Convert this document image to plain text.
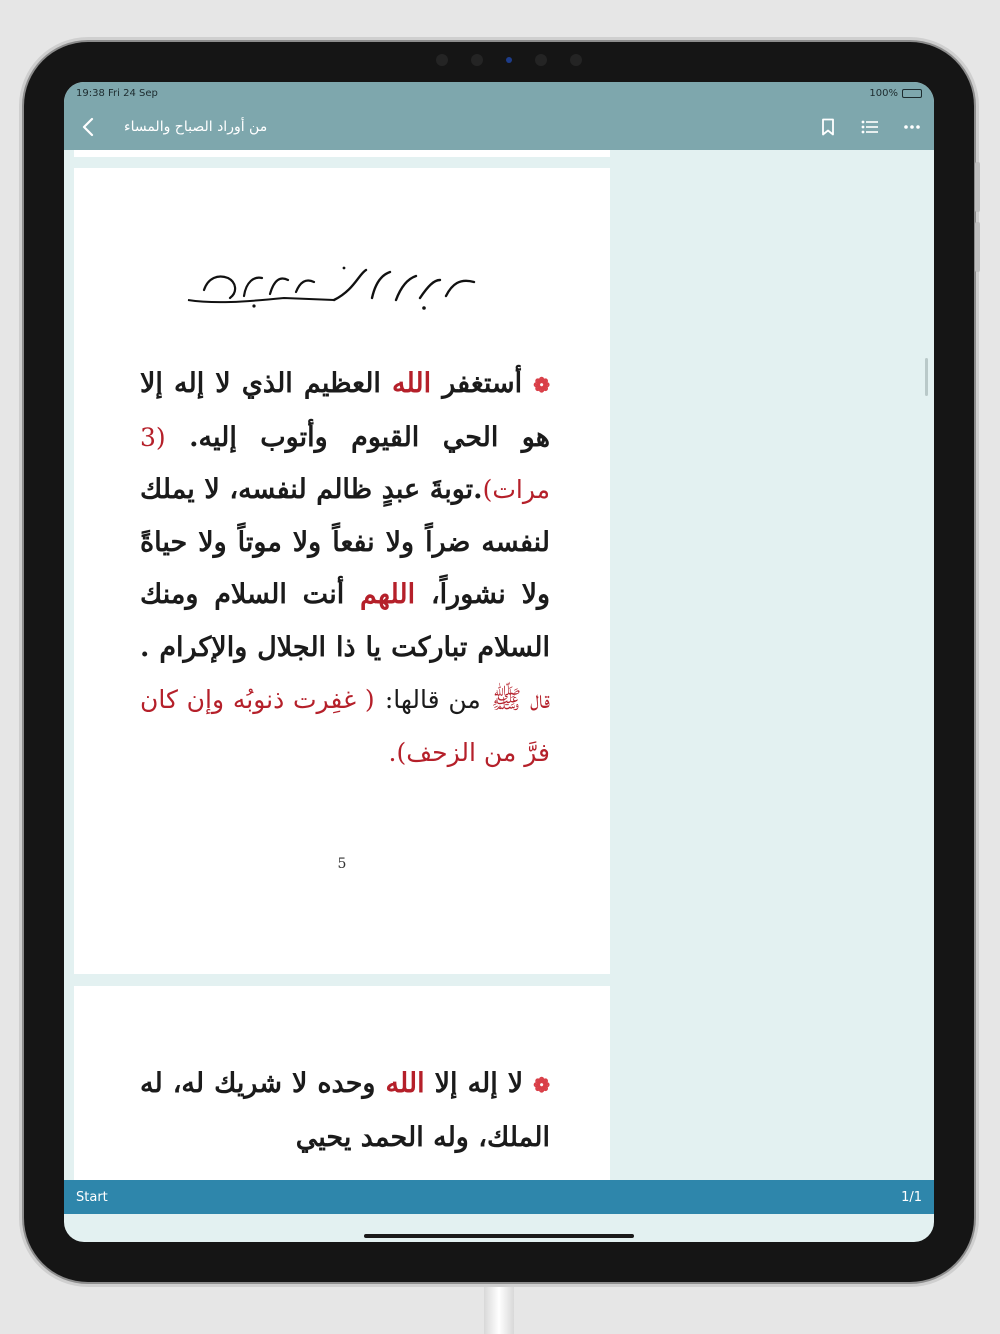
19:38 Fri 24 Sep	100%
من أوراد الصباح والمساء
بسم الله الرحمن الرحيم
❁ أستغفر الله العظيم الذي لا إله إلا هو الحي القيوم وأتوب إليه. (3 مرات).توبةَ عبدٍ ظالم لنفسه، لا يملك لنفسه ضراً ولا نفعاً ولا موتاً ولا حياةً ولا نشوراً، اللهم أنت السلام ومنك السلام تباركت يا ذا الجلال والإكرام . قال ﷺ من قالها: ( غفِرت ذنوبُه وإن كان فرَّ من الزحف).
5
❁ لا إله إلا الله وحده لا شريك له، له الملك، وله الحمد يحيي
Start	1/1
